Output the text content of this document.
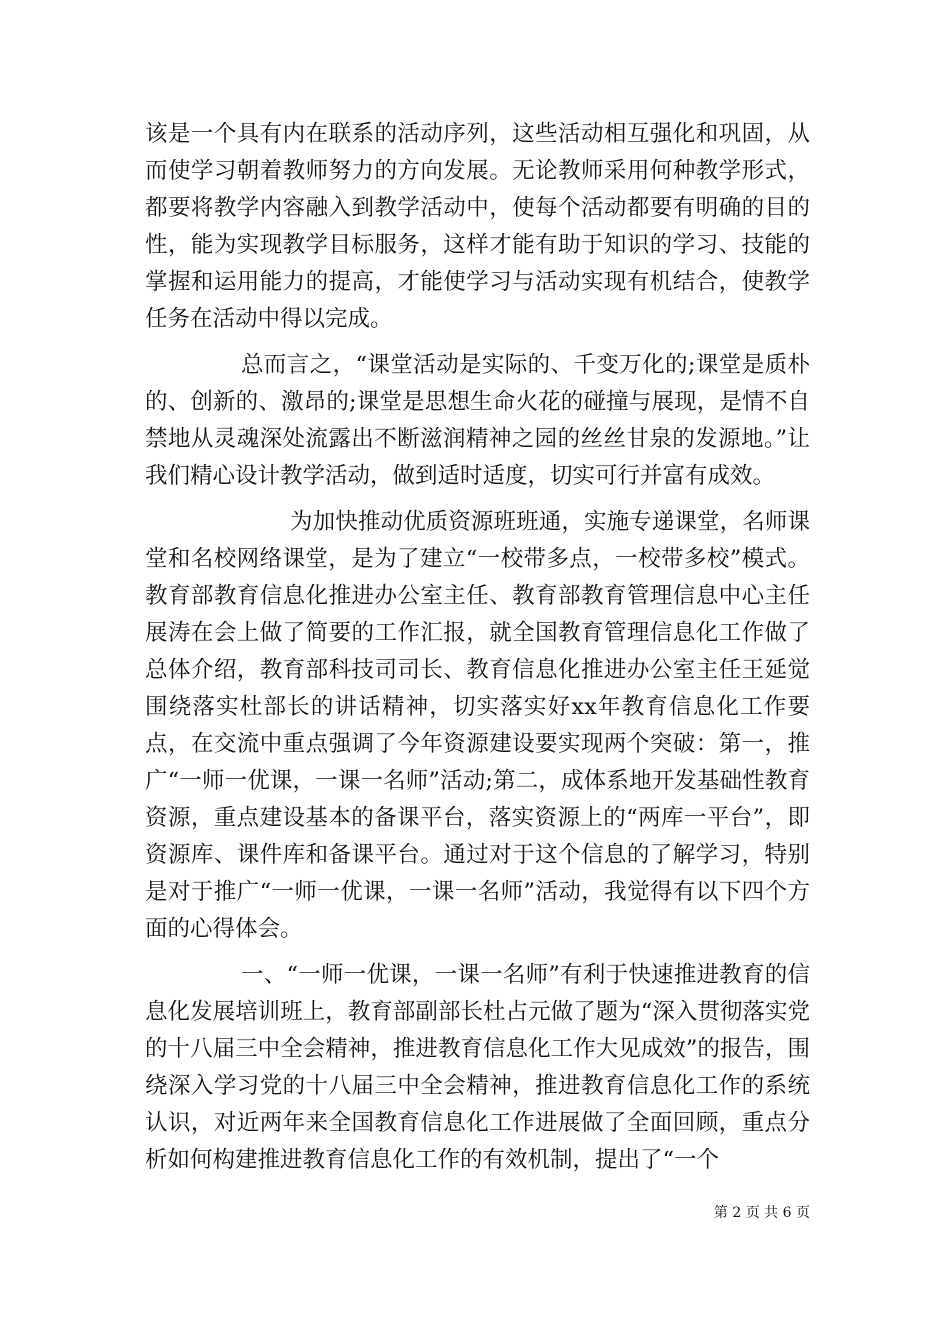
该是一个具有内在联系的活动序列，这些活动相互强化和巩固，从而使学习朝着教师努力的方向发展。无论教师采用何种教学形式，都要将教学内容融入到教学活动中，使每个活动都要有明确的目的性，能为实现教学目标服务，这样才能有助于知识的学习、技能的掌握和运用能力的提高，才能使学习与活动实现有机结合，使教学任务在活动中得以完成。

总而言之，“课堂活动是实际的、千变万化的;课堂是质朴的、创新的、激昂的;课堂是思想生命火花的碰撞与展现，是情不自禁地从灵魂深处流露出不断滋润精神之园的丝丝甘泉的发源地。”让我们精心设计教学活动，做到适时适度，切实可行并富有成效。

为加快推动优质资源班班通，实施专递课堂，名师课堂和名校网络课堂，是为了建立“一校带多点，一校带多校”模式。教育部教育信息化推进办公室主任、教育部教育管理信息中心主任展涛在会上做了简要的工作汇报，就全国教育管理信息化工作做了总体介绍，教育部科技司司长、教育信息化推进办公室主任王延觉围绕落实杜部长的讲话精神，切实落实好xx年教育信息化工作要点，在交流中重点强调了今年资源建设要实现两个突破：第一，推广“一师一优课，一课一名师”活动;第二，成体系地开发基础性教育资源，重点建设基本的备课平台，落实资源上的“两库一平台”，即资源库、课件库和备课平台。通过对于这个信息的了解学习，特别是对于推广“一师一优课，一课一名师”活动，我觉得有以下四个方面的心得体会。

一、“一师一优课，一课一名师”有利于快速推进教育的信息化发展培训班上，教育部副部长杜占元做了题为“深入贯彻落实党的十八届三中全会精神，推进教育信息化工作大见成效”的报告，围绕深入学习党的十八届三中全会精神，推进教育信息化工作的系统认识，对近两年来全国教育信息化工作进展做了全面回顾，重点分析如何构建推进教育信息化工作的有效机制，提出了“一个

第 2 页 共 6 页
